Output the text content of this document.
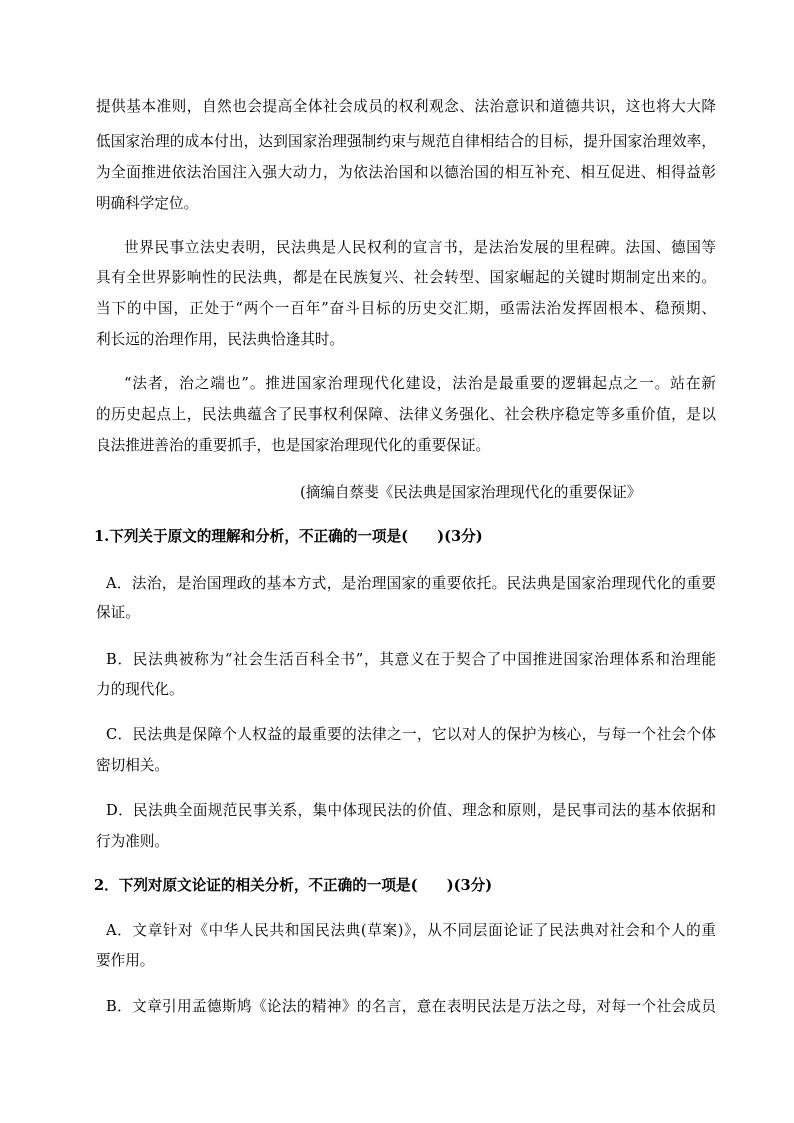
提供基本准则，自然也会提高全体社会成员的权利观念、法治意识和道德共识，这也将大大降
低国家治理的成本付出，达到国家治理强制约束与规范自律相结合的目标，提升国家治理效率，
为全面推进依法治国注入强大动力，为依法治国和以德治国的相互补充、相互促进、相得益彰
明确科学定位。
世界民事立法史表明，民法典是人民权利的宣言书，是法治发展的里程碑。法国、德国等
具有全世界影响性的民法典，都是在民族复兴、社会转型、国家崛起的关键时期制定出来的。
当下的中国，正处于“两个一百年”奋斗目标的历史交汇期，亟需法治发挥固根本、稳预期、
利长远的治理作用，民法典恰逢其时。
“法者，治之端也”。推进国家治理现代化建设，法治是最重要的逻辑起点之一。站在新
的历史起点上，民法典蕴含了民事权利保障、法律义务强化、社会秩序稳定等多重价值，是以
良法推进善治的重要抓手，也是国家治理现代化的重要保证。
(摘编自蔡斐《民法典是国家治理现代化的重要保证》
1.下列关于原文的理解和分析，不正确的一项是(　　)(3分)
A．法治，是治国理政的基本方式，是治理国家的重要依托。民法典是国家治理现代化的重要
保证。
B．民法典被称为“社会生活百科全书”，其意义在于契合了中国推进国家治理体系和治理能
力的现代化。
C．民法典是保障个人权益的最重要的法律之一，它以对人的保护为核心，与每一个社会个体
密切相关。
D．民法典全面规范民事关系，集中体现民法的价值、理念和原则，是民事司法的基本依据和
行为准则。
2．下列对原文论证的相关分析，不正确的一项是(　　)(3分)
A．文章针对《中华人民共和国民法典(草案)》，从不同层面论证了民法典对社会和个人的重
要作用。
B．文章引用孟德斯鸠《论法的精神》的名言，意在表明民法是万法之母，对每一个社会成员
